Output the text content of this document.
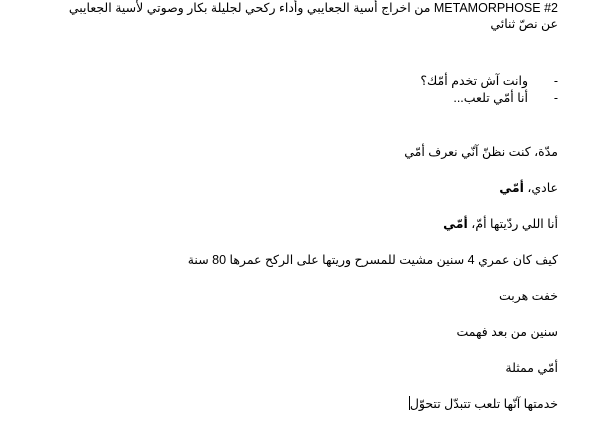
METAMORPHOSE #2 من اخراج أسية الجعايبي وأداء ركحي لجليلة بكار وصوتي لأسية الجعايبي
عن نصّ ثنائي
-
وانت آش تخدم أمّك؟
-
أنا أمّي تلعب...
مدّة، كنت نظنّ آنّي نعرف أمّي
عادي، أمّي
أنا اللي ردّيتها أمّ، أمّي
كيف كان عمري 4 سنين مشيت للمسرح وريتها على الركح عمرها 80 سنة
خفت هربت
سنين من بعد فهمت
أمّي ممثلة
خدمتها آنّها تلعب تتبدّل تتحوّل
